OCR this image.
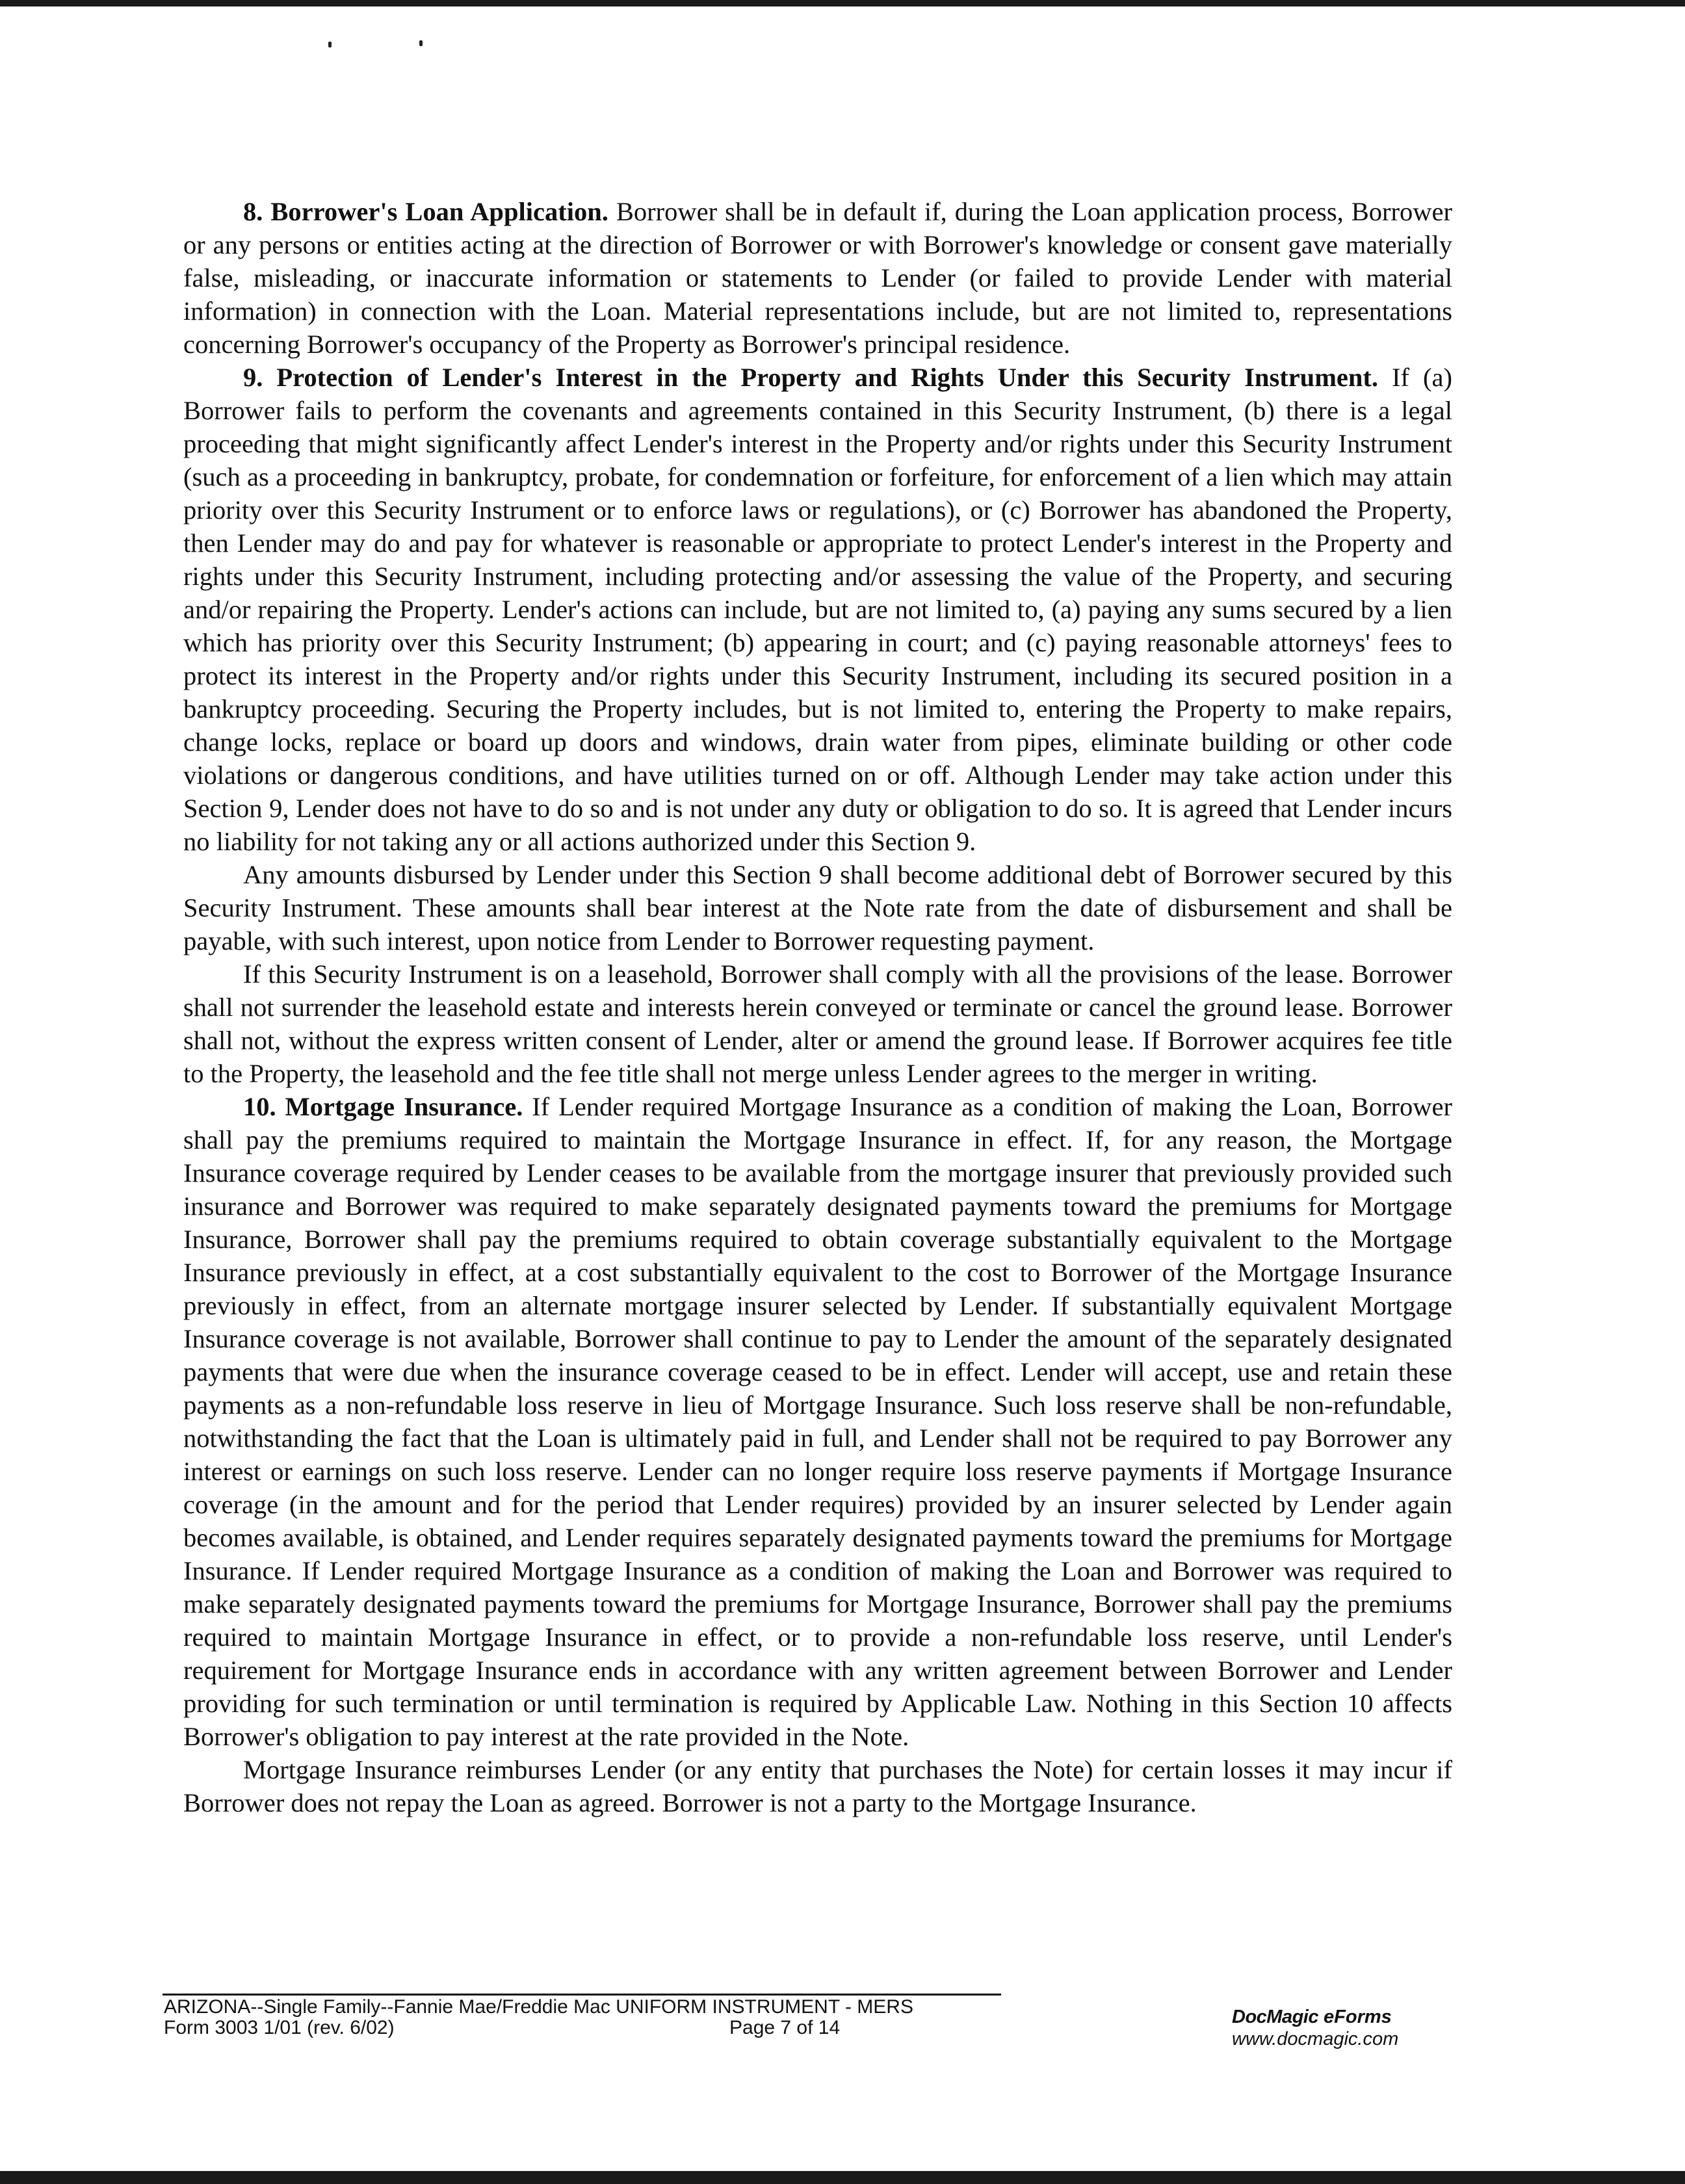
8. Borrower's Loan Application. Borrower shall be in default if, during the Loan application process, Borrower or any persons or entities acting at the direction of Borrower or with Borrower's knowledge or consent gave materially false, misleading, or inaccurate information or statements to Lender (or failed to provide Lender with material information) in connection with the Loan. Material representations include, but are not limited to, representations concerning Borrower's occupancy of the Property as Borrower's principal residence.

9. Protection of Lender's Interest in the Property and Rights Under this Security Instrument. If (a) Borrower fails to perform the covenants and agreements contained in this Security Instrument, (b) there is a legal proceeding that might significantly affect Lender's interest in the Property and/or rights under this Security Instrument (such as a proceeding in bankruptcy, probate, for condemnation or forfeiture, for enforcement of a lien which may attain priority over this Security Instrument or to enforce laws or regulations), or (c) Borrower has abandoned the Property, then Lender may do and pay for whatever is reasonable or appropriate to protect Lender's interest in the Property and rights under this Security Instrument, including protecting and/or assessing the value of the Property, and securing and/or repairing the Property. Lender's actions can include, but are not limited to, (a) paying any sums secured by a lien which has priority over this Security Instrument; (b) appearing in court; and (c) paying reasonable attorneys' fees to protect its interest in the Property and/or rights under this Security Instrument, including its secured position in a bankruptcy proceeding. Securing the Property includes, but is not limited to, entering the Property to make repairs, change locks, replace or board up doors and windows, drain water from pipes, eliminate building or other code violations or dangerous conditions, and have utilities turned on or off. Although Lender may take action under this Section 9, Lender does not have to do so and is not under any duty or obligation to do so. It is agreed that Lender incurs no liability for not taking any or all actions authorized under this Section 9.

Any amounts disbursed by Lender under this Section 9 shall become additional debt of Borrower secured by this Security Instrument. These amounts shall bear interest at the Note rate from the date of disbursement and shall be payable, with such interest, upon notice from Lender to Borrower requesting payment.

If this Security Instrument is on a leasehold, Borrower shall comply with all the provisions of the lease. Borrower shall not surrender the leasehold estate and interests herein conveyed or terminate or cancel the ground lease. Borrower shall not, without the express written consent of Lender, alter or amend the ground lease. If Borrower acquires fee title to the Property, the leasehold and the fee title shall not merge unless Lender agrees to the merger in writing.

10. Mortgage Insurance. If Lender required Mortgage Insurance as a condition of making the Loan, Borrower shall pay the premiums required to maintain the Mortgage Insurance in effect. If, for any reason, the Mortgage Insurance coverage required by Lender ceases to be available from the mortgage insurer that previously provided such insurance and Borrower was required to make separately designated payments toward the premiums for Mortgage Insurance, Borrower shall pay the premiums required to obtain coverage substantially equivalent to the Mortgage Insurance previously in effect, at a cost substantially equivalent to the cost to Borrower of the Mortgage Insurance previously in effect, from an alternate mortgage insurer selected by Lender. If substantially equivalent Mortgage Insurance coverage is not available, Borrower shall continue to pay to Lender the amount of the separately designated payments that were due when the insurance coverage ceased to be in effect. Lender will accept, use and retain these payments as a non-refundable loss reserve in lieu of Mortgage Insurance. Such loss reserve shall be non-refundable, notwithstanding the fact that the Loan is ultimately paid in full, and Lender shall not be required to pay Borrower any interest or earnings on such loss reserve. Lender can no longer require loss reserve payments if Mortgage Insurance coverage (in the amount and for the period that Lender requires) provided by an insurer selected by Lender again becomes available, is obtained, and Lender requires separately designated payments toward the premiums for Mortgage Insurance. If Lender required Mortgage Insurance as a condition of making the Loan and Borrower was required to make separately designated payments toward the premiums for Mortgage Insurance, Borrower shall pay the premiums required to maintain Mortgage Insurance in effect, or to provide a non-refundable loss reserve, until Lender's requirement for Mortgage Insurance ends in accordance with any written agreement between Borrower and Lender providing for such termination or until termination is required by Applicable Law. Nothing in this Section 10 affects Borrower's obligation to pay interest at the rate provided in the Note.

Mortgage Insurance reimburses Lender (or any entity that purchases the Note) for certain losses it may incur if Borrower does not repay the Loan as agreed. Borrower is not a party to the Mortgage Insurance.

ARIZONA--Single Family--Fannie Mae/Freddie Mac UNIFORM INSTRUMENT - MERS
Form 3003 1/01 (rev. 6/02)	Page 7 of 14	DocMagic eForms
www.docmagic.com
